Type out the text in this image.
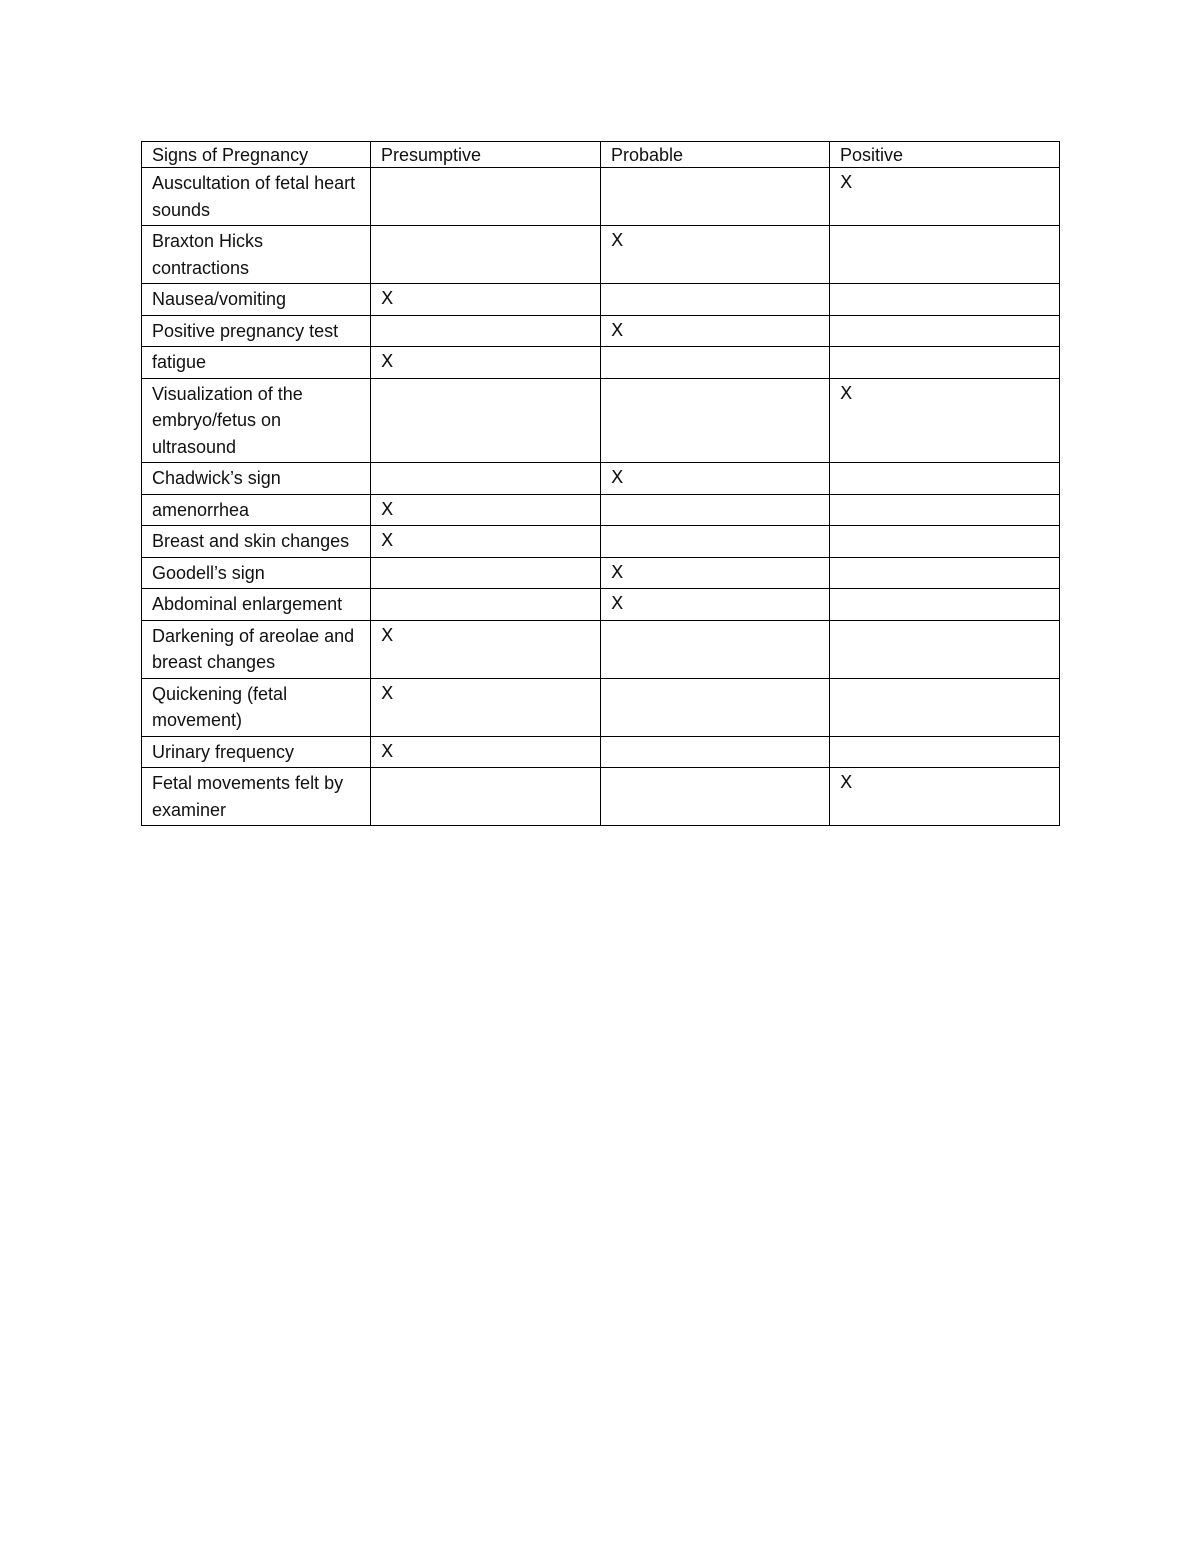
Signs of Pregnancy	Presumptive	Probable	Positive
Auscultation of fetal heart sounds			X
Braxton Hicks contractions		X	
Nausea/vomiting	X		
Positive pregnancy test		X	
fatigue	X		
Visualization of the embryo/fetus on ultrasound			X
Chadwick’s sign		X	
amenorrhea	X		
Breast and skin changes	X		
Goodell’s sign		X	
Abdominal enlargement		X	
Darkening of areolae and breast changes	X		
Quickening (fetal movement)	X		
Urinary frequency	X		
Fetal movements felt by examiner			X
